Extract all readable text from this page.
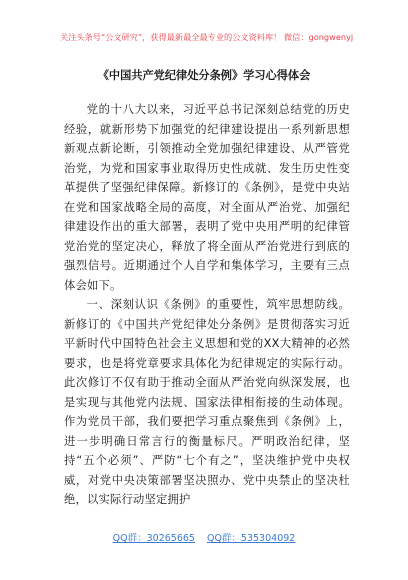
关注头条号“公文研究”，获得最新最全最专业的公文资料库！ 微信：gongwenyj
《中国共产党纪律处分条例》学习心得体会

党的十八大以来，习近平总书记深刻总结党的历史经验，就新形势下加强党的纪律建设提出一系列新思想新观点新论断，引领推动全党加强纪律建设、从严管党治党，为党和国家事业取得历史性成就、发生历史性变革提供了坚强纪律保障。新修订的《条例》，是党中央站在党和国家战略全局的高度，对全面从严治党、加强纪律建设作出的重大部署，表明了党中央用严明的纪律管党治党的坚定决心，释放了将全面从严治党进行到底的强烈信号。近期通过个人自学和集体学习，主要有三点体会如下。

一、深刻认识《条例》的重要性，筑牢思想防线。新修订的《中国共产党纪律处分条例》是贯彻落实习近平新时代中国特色社会主义思想和党的XX大精神的必然要求，也是将党章要求具体化为纪律规定的实际行动。此次修订不仅有助于推动全面从严治党向纵深发展，也是实现与其他党内法规、国家法律相衔接的生动体现。作为党员干部，我们要把学习重点聚焦到《条例》上，进一步明确日常言行的衡量标尺。严明政治纪律，坚持“五个必须”、严防“七个有之”，坚决维护党中央权威，对党中央决策部署坚决照办、党中央禁止的坚决杜绝，以实际行动坚定拥护

QQ群：30265665 QQ群：535304092
